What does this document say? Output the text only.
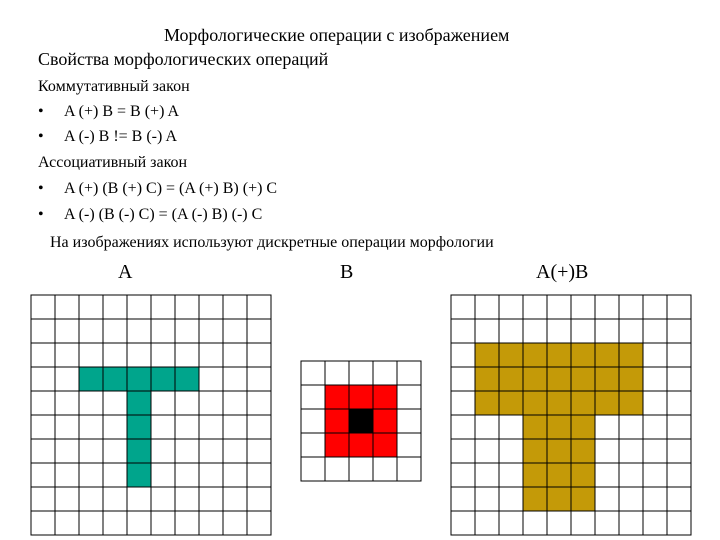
Морфологические операции с изображением
Свойства морфологических операций
Коммутативный закон
• A (+) B = B (+) A
• A (-) B != B (-) A
Ассоциативный закон
• A (+) (B (+) C) = (A (+) B) (+) C
• A (-) (B (-) C) = (A (-) B) (-) C
На изображениях используют дискретные операции морфологии
A	B	A(+)B
